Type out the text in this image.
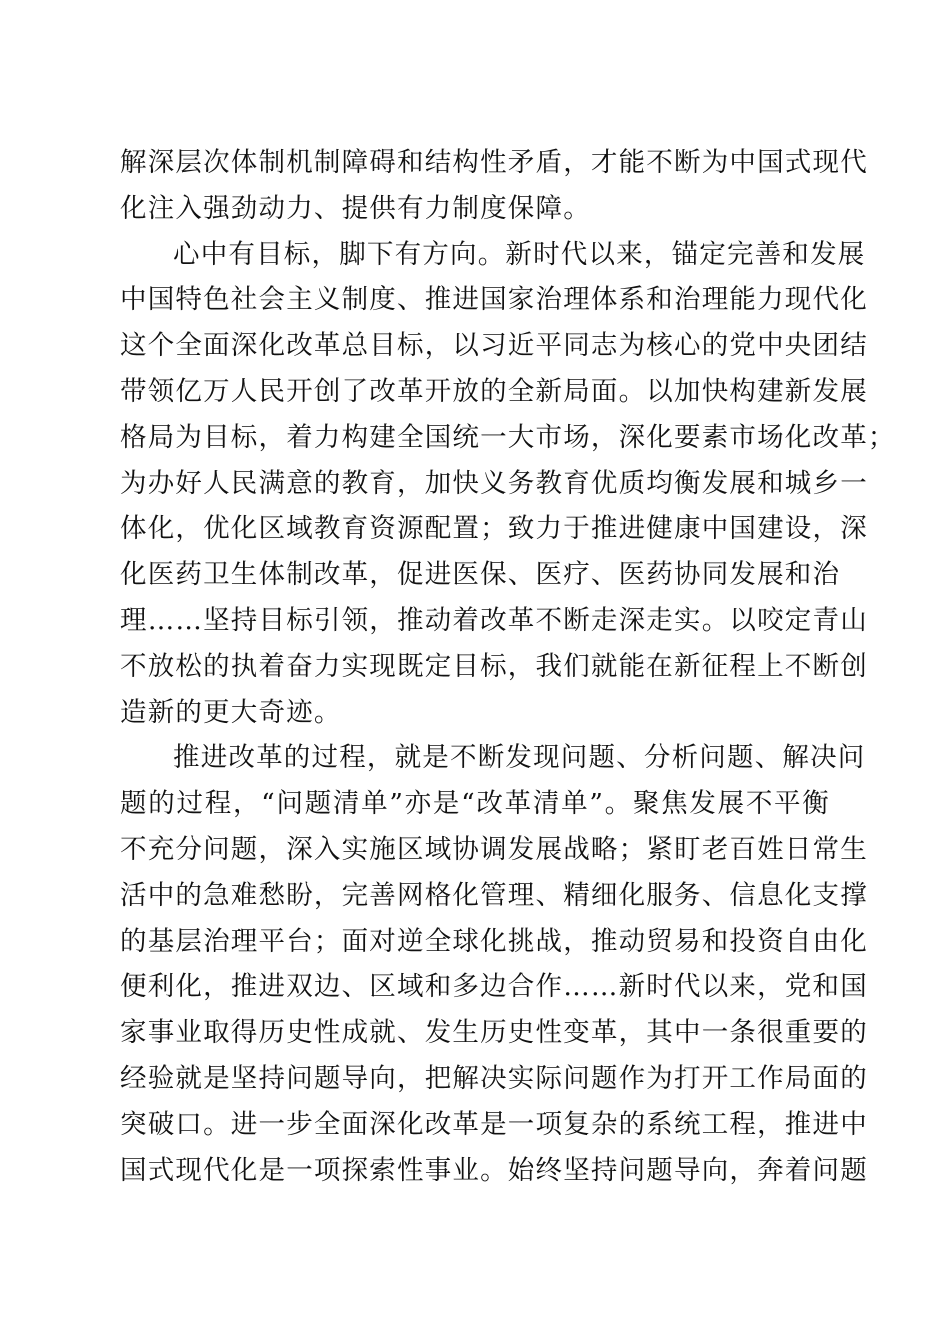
解深层次体制机制障碍和结构性矛盾，才能不断为中国式现代
化注入强劲动力、提供有力制度保障。
心中有目标，脚下有方向。新时代以来，锚定完善和发展
中国特色社会主义制度、推进国家治理体系和治理能力现代化
这个全面深化改革总目标，以习近平同志为核心的党中央团结
带领亿万人民开创了改革开放的全新局面。以加快构建新发展
格局为目标，着力构建全国统一大市场，深化要素市场化改革；
为办好人民满意的教育，加快义务教育优质均衡发展和城乡一
体化，优化区域教育资源配置；致力于推进健康中国建设，深
化医药卫生体制改革，促进医保、医疗、医药协同发展和治
理……坚持目标引领，推动着改革不断走深走实。以咬定青山
不放松的执着奋力实现既定目标，我们就能在新征程上不断创
造新的更大奇迹。
推进改革的过程，就是不断发现问题、分析问题、解决问
题的过程，“问题清单”亦是“改革清单”。聚焦发展不平衡
不充分问题，深入实施区域协调发展战略；紧盯老百姓日常生
活中的急难愁盼，完善网格化管理、精细化服务、信息化支撑
的基层治理平台；面对逆全球化挑战，推动贸易和投资自由化
便利化，推进双边、区域和多边合作……新时代以来，党和国
家事业取得历史性成就、发生历史性变革，其中一条很重要的
经验就是坚持问题导向，把解决实际问题作为打开工作局面的
突破口。进一步全面深化改革是一项复杂的系统工程，推进中
国式现代化是一项探索性事业。始终坚持问题导向，奔着问题
